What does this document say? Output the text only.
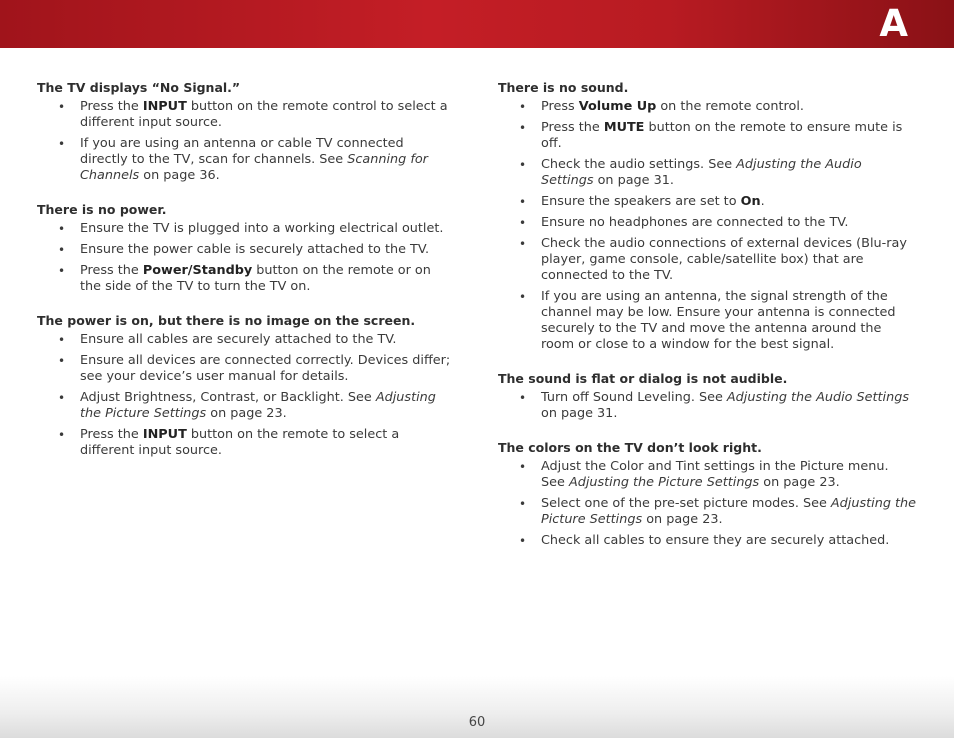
A
The TV displays “No Signal.”
• Press the INPUT button on the remote control to select a different input source.
• If you are using an antenna or cable TV connected directly to the TV, scan for channels. See Scanning for Channels on page 36.
There is no power.
• Ensure the TV is plugged into a working electrical outlet.
• Ensure the power cable is securely attached to the TV.
• Press the Power/Standby button on the remote or on the side of the TV to turn the TV on.
The power is on, but there is no image on the screen.
• Ensure all cables are securely attached to the TV.
• Ensure all devices are connected correctly. Devices differ; see your device’s user manual for details.
• Adjust Brightness, Contrast, or Backlight. See Adjusting the Picture Settings on page 23.
• Press the INPUT button on the remote to select a different input source.
There is no sound.
• Press Volume Up on the remote control.
• Press the MUTE button on the remote to ensure mute is off.
• Check the audio settings. See Adjusting the Audio Settings on page 31.
• Ensure the speakers are set to On.
• Ensure no headphones are connected to the TV.
• Check the audio connections of external devices (Blu-ray player, game console, cable/satellite box) that are connected to the TV.
• If you are using an antenna, the signal strength of the channel may be low. Ensure your antenna is connected securely to the TV and move the antenna around the room or close to a window for the best signal.
The sound is flat or dialog is not audible.
• Turn off Sound Leveling. See Adjusting the Audio Settings on page 31.
The colors on the TV don’t look right.
• Adjust the Color and Tint settings in the Picture menu. See Adjusting the Picture Settings on page 23.
• Select one of the pre-set picture modes. See Adjusting the Picture Settings on page 23.
• Check all cables to ensure they are securely attached.
60
